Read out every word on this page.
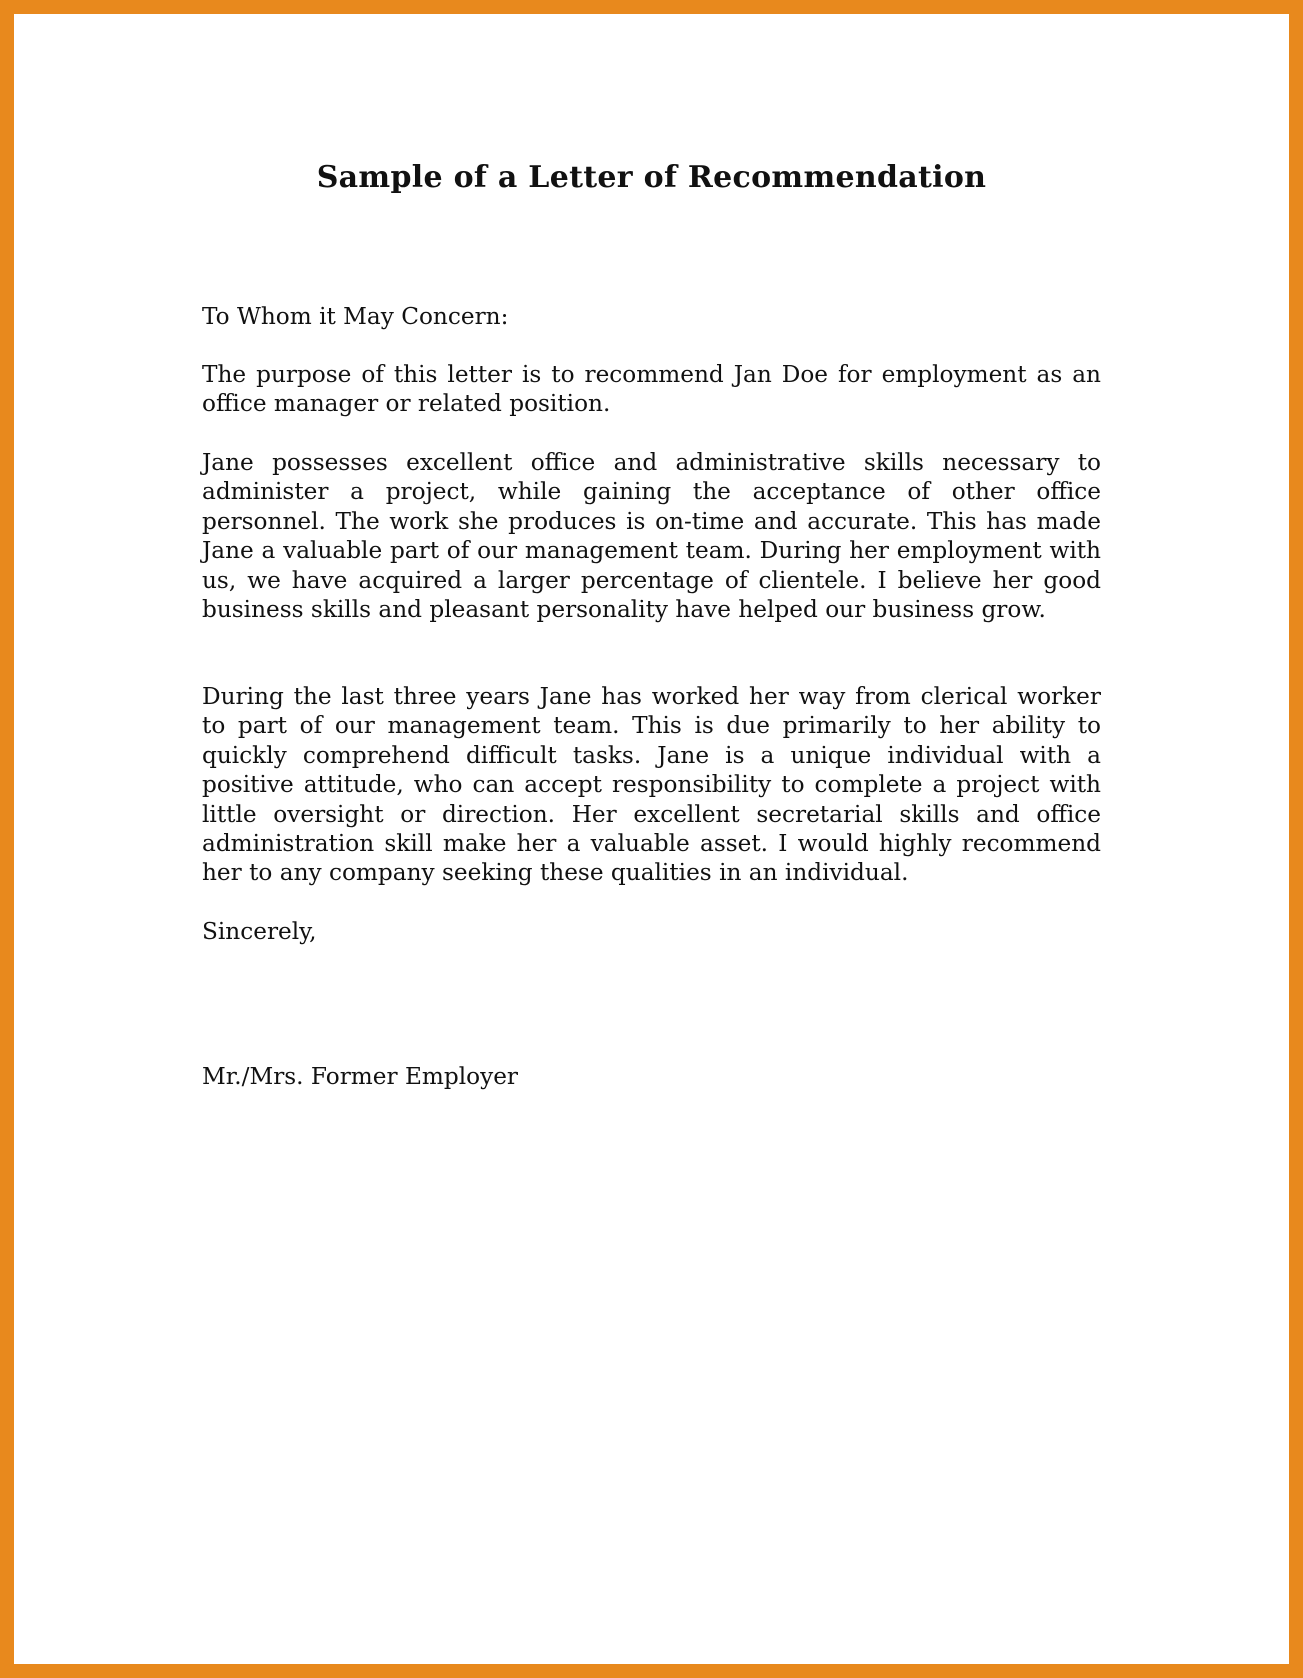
Sample of a Letter of Recommendation

To Whom it May Concern:

The purpose of this letter is to recommend Jan Doe for employment as an office manager or related position.

Jane possesses excellent office and administrative skills necessary to administer a project, while gaining the acceptance of other office personnel. The work she produces is on-time and accurate. This has made Jane a valuable part of our management team. During her employment with us, we have acquired a larger percentage of clientele. I believe her good business skills and pleasant personality have helped our business grow.

During the last three years Jane has worked her way from clerical worker to part of our management team. This is due primarily to her ability to quickly comprehend difficult tasks. Jane is a unique individual with a positive attitude, who can accept responsibility to complete a project with little oversight or direction. Her excellent secretarial skills and office administration skill make her a valuable asset. I would highly recommend her to any company seeking these qualities in an individual.

Sincerely,

Mr./Mrs. Former Employer
